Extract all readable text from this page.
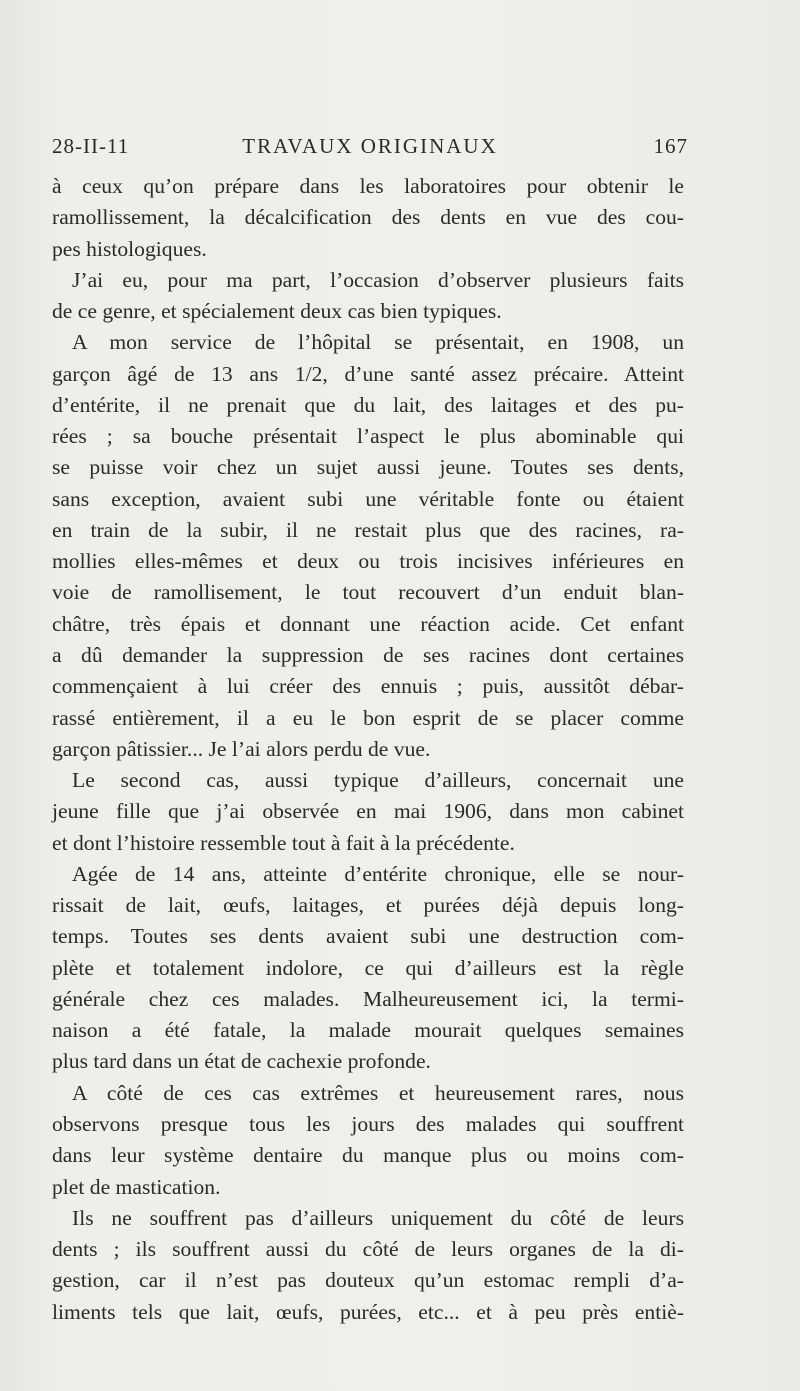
28-II-11	TRAVAUX ORIGINAUX	167
à ceux qu’on prépare dans les laboratoires pour obtenir le
ramollissement, la décalcification des dents en vue des cou-
pes histologiques.
J’ai eu, pour ma part, l’occasion d’observer plusieurs faits
de ce genre, et spécialement deux cas bien typiques.
A mon service de l’hôpital se présentait, en 1908, un
garçon âgé de 13 ans 1/2, d’une santé assez précaire. Atteint
d’entérite, il ne prenait que du lait, des laitages et des pu-
rées ; sa bouche présentait l’aspect le plus abominable qui
se puisse voir chez un sujet aussi jeune. Toutes ses dents,
sans exception, avaient subi une véritable fonte ou étaient
en train de la subir, il ne restait plus que des racines, ra-
mollies elles-mêmes et deux ou trois incisives inférieures en
voie de ramollisement, le tout recouvert d’un enduit blan-
châtre, très épais et donnant une réaction acide. Cet enfant
a dû demander la suppression de ses racines dont certaines
commençaient à lui créer des ennuis ; puis, aussitôt débar-
rassé entièrement, il a eu le bon esprit de se placer comme
garçon pâtissier... Je l’ai alors perdu de vue.
Le second cas, aussi typique d’ailleurs, concernait une
jeune fille que j’ai observée en mai 1906, dans mon cabinet
et dont l’histoire ressemble tout à fait à la précédente.
Agée de 14 ans, atteinte d’entérite chronique, elle se nour-
rissait de lait, œufs, laitages, et purées déjà depuis long-
temps. Toutes ses dents avaient subi une destruction com-
plète et totalement indolore, ce qui d’ailleurs est la règle
générale chez ces malades. Malheureusement ici, la termi-
naison a été fatale, la malade mourait quelques semaines
plus tard dans un état de cachexie profonde.
A côté de ces cas extrêmes et heureusement rares, nous
observons presque tous les jours des malades qui souffrent
dans leur système dentaire du manque plus ou moins com-
plet de mastication.
Ils ne souffrent pas d’ailleurs uniquement du côté de leurs
dents ; ils souffrent aussi du côté de leurs organes de la di-
gestion, car il n’est pas douteux qu’un estomac rempli d’a-
liments tels que lait, œufs, purées, etc... et à peu près entiè-
